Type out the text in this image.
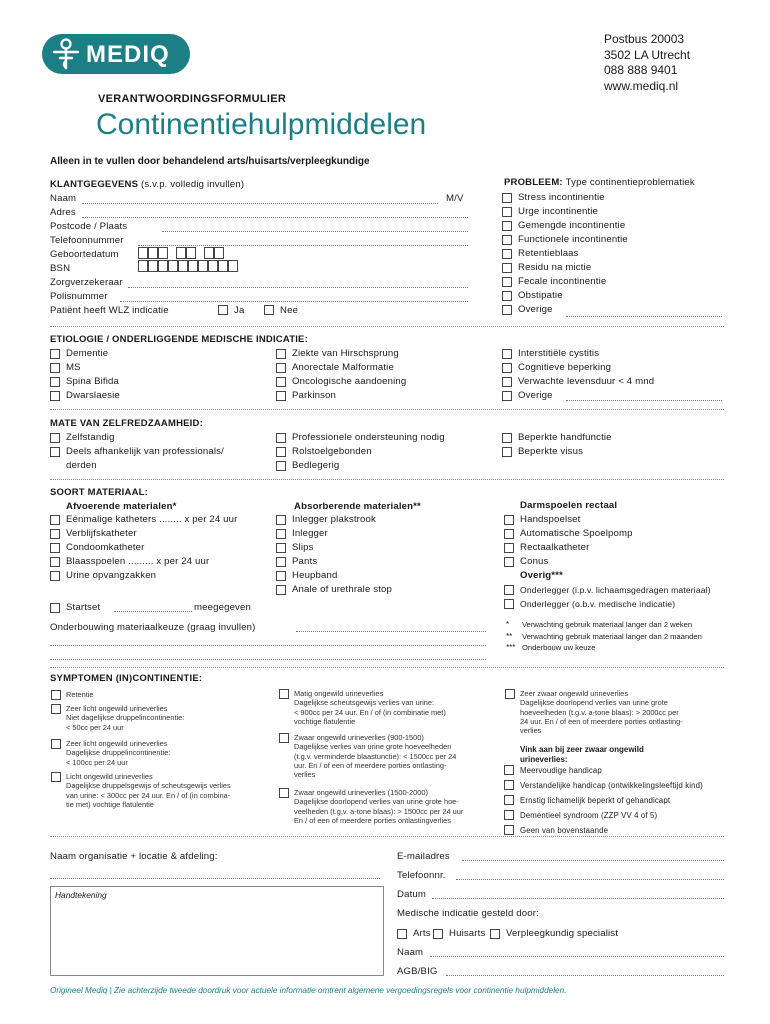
MEDIQ
Postbus 20003
3502 LA Utrecht
088 888 9401
www.mediq.nl
VERANTWOORDINGSFORMULIER
Continentiehulpmiddelen
Alleen in te vullen door behandelend arts/huisarts/verpleegkundige
KLANTGEGEVENS (s.v.p. volledig invullen)
Naam	M/V
Adres
Postcode / Plaats
Telefoonnummer
Geboortedatum
BSN
Zorgverzekeraar
Polisnummer
Patiënt heeft WLZ indicatie	Ja	Nee
PROBLEEM: Type continentieproblematiek
Stress incontinentie
Urge incontinentie
Gemengde incontinentie
Functionele incontinentie
Retentieblaas
Residu na mictie
Fecale incontinentie
Obstipatie
Overige
ETIOLOGIE / ONDERLIGGENDE MEDISCHE INDICATIE:
Dementie
MS
Spina Bifida
Dwarslaesie
Ziekte van Hirschsprung
Anorectale Malformatie
Oncologische aandoening
Parkinson
Interstitiële cystitis
Cognitieve beperking
Verwachte levensduur < 4 mnd
Overige
MATE VAN ZELFREDZAAMHEID:
Zelfstandig
Deels afhankelijk van professionals/
derden
Professionele ondersteuning nodig
Rolstoelgebonden
Bedlegerig
Beperkte handfunctie
Beperkte visus
SOORT MATERIAAL:
Afvoerende materialen*	Absorberende materialen**	Darmspoelen rectaal
Eénmalige katheters ........ x per 24 uur
Verblijfskatheter
Condoomkatheter
Blaasspoelen ......... x per 24 uur
Urine opvangzakken
Inlegger plakstrook
Inlegger
Slips
Pants
Heupband
Anale of urethrale stop
Handspoelset
Automatische Spoelpomp
Rectaalkatheter
Conus
Onderlegger (i.p.v. lichaamsgedragen materiaal)
Onderlegger (o.b.v. medische indicatie)
Overig***
Startset	meegegeven
Onderbouwing materiaalkeuze (graag invullen)	* Verwachting gebruik materiaal langer dan 2 weken
** Verwachting gebruik materiaal langer dan 2 maanden
*** Onderbouw uw keuze
SYMPTOMEN (IN)CONTINENTIE:
Retentie
Zeer licht ongewild urineverlies
Niet dagelijkse druppelincontinentie:
< 50cc per 24 uur
Zeer licht ongewild urineverlies
Dagelijkse druppelincontinentie:
< 100cc per 24 uur
Licht ongewild urineverlies
Dagelijkse druppelsgewijs of scheutsgewijs verlies
van urine: < 300cc per 24 uur. En / of (in combina-
tie met) vochtige flatulentie
Matig ongewild urineverlies
Dagelijkse scheutsgewijs verlies van urine:
< 900cc per 24 uur. En / of (in combinatie met)
vochtige flatulentie
Zwaar ongewild urineverlies (900-1500)
Dagelijkse verlies van urine grote hoeveelheden
(t.g.v. verminderde blaastunctie): < 1500cc per 24
uur. En / of een of meerdere porties ontlasting-
verlies
Zwaar ongewild urineverlies (1500-2000)
Dagelijkse doorlopend verlies van urine grote hoe-
veelheden (t.g.v. a-tone blaas): > 1500cc per 24 uur
En / of een of meerdere porties ontlastingverlies
Zeer zwaar ongewild urineverlies
Dagelijkse doorlopend verlies van urine grote
hoeveelheden (t.g.v. a-tone blaas): > 2000cc per
24 uur. En / of een of meerdere porties ontlasting-
verlies
Vink aan bij zeer zwaar ongewild
urineverlies:
Meervoudige handicap
Verstandelijke handicap (ontwikkelingsleeftijd kind)
Ernstig lichamelijk beperkt of gehandicapt
Dementieel syndroom (ZZP VV 4 of 5)
Geen van bovenstaande
Naam organisatie + locatie & afdeling:
Handtekening
E-mailadres
Telefoonnr.
Datum
Medische indicatie gesteld door:
Arts Huisarts Verpleegkundig specialist
Naam
AGB/BIG
Origineel Mediq | Zie achterzijde tweede doordruk voor actuele informatie omtrent algemene vergoedingsregels voor continentie hulpmiddelen.
